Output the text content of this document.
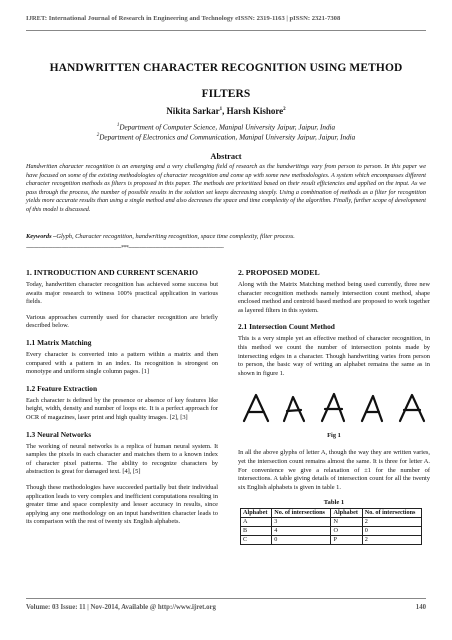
IJRET: International Journal of Research in Engineering and Technology eISSN: 2319-1163 | pISSN: 2321-7308
HANDWRITTEN CHARACTER RECOGNITION USING METHOD
FILTERS
Nikita Sarkar$^1$, Harsh Kishore$^2$
$^1$Department of Computer Science, Manipal University Jaipur, Jaipur, India
$^2$Department of Electronics and Communication, Manipal University Jaipur, Jaipur, India
Abstract
Handwritten character recognition is an emerging and a very challenging field of research as the handwritings vary from person to person. In this paper we have focused on some of the existing methodologies of character recognition and come up with some new methodologies. A system which encompasses different character recognition methods as filters is proposed in this paper. The methods are prioritized based on their result efficiencies and applied on the input. As we pass through the process, the number of possible results in the solution set keeps decreasing steeply. Using a combination of methods as a filter for recognition yields more accurate results than using a single method and also decreases the space and time complexity of the algorithm. Finally, further scope of development of this model is discussed.
Keywords –Glyph, Character recognition, handwriting recognition, space time complexity, filter process.
--------------------------------------------------------------------***--------------------------------------------------------------------
1. INTRODUCTION AND CURRENT SCENARIO

Today, handwritten character recognition has achieved some success but awaits major research to witness 100% practical application in various fields.

Various approaches currently used for character recognition are briefly described below.

1.1 Matrix Matching

Every character is converted into a pattern within a matrix and then compared with a pattern in an index. Its recognition is strongest on monotype and uniform single column pages. [1]

1.2 Feature Extraction

Each character is defined by the presence or absence of key features like height, width, density and number of loops etc. It is a perfect approach for OCR of magazines, laser print and high quality images. [2], [3]

1.3 Neural Networks

The working of neural networks is a replica of human neural system. It samples the pixels in each character and matches them to a known index of character pixel patterns. The ability to recognize characters by abstraction is great for damaged text. [4], [5]

Though these methodologies have succeeded partially but their individual application leads to very complex and inefficient computations resulting in greater time and space complexity and lesser accuracy in results, since applying any one methodology on an input handwritten character leads to its comparison with the rest of twenty six English alphabets.

2. PROPOSED MODEL

Along with the Matrix Matching method being used currently, three new character recognition methods namely intersection count method, shape enclosed method and centroid based method are proposed to work together as layered filters in this system.

2.1 Intersection Count Method

This is a very simple yet an effective method of character recognition, in this method we count the number of intersection points made by intersecting edges in a character. Though handwriting varies from person to person, the basic way of writing an alphabet remains the same as in shown in figure 1.

Fig 1

In all the above glyphs of letter A, though the way they are written varies, yet the intersection count remains almost the same. It is three for letter A. For convenience we give a relaxation of ±1 for the number of intersections. A table giving details of intersection count for all the twenty six English alphabets is given in table 1.

Table 1
Alphabet	No. of intersections	Alphabet	No. of intersections
A	3	N	2
B	4	O	0
C	0	P	2
Volume: 03 Issue: 11 | Nov-2014, Available @ http://www.ijret.org	140
